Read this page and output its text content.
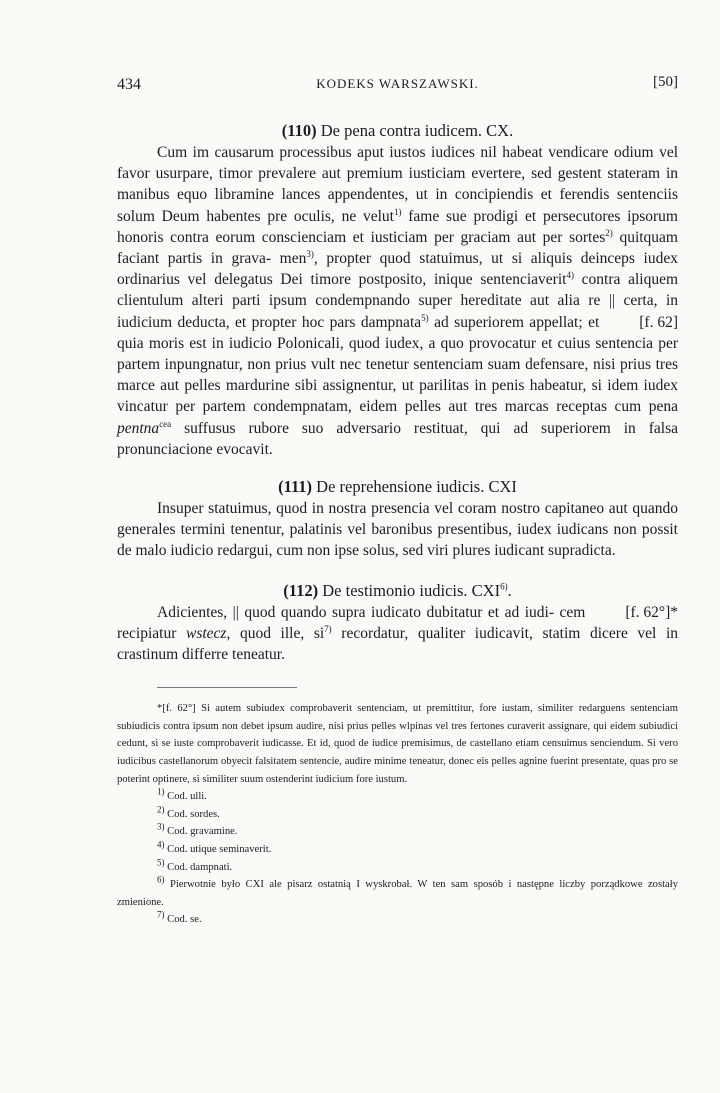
434	KODEKS WARSZAWSKI.	[50]
(110) De pena contra iudicem. CX.

Cum im causarum processibus aput iustos iudices nil habeat vendicare odium vel favor usurpare, timor prevalere aut premium iusticiam evertere, sed gestent stateram in manibus equo libramine lances appendentes, ut in concipiendis et ferendis sentenciis solum Deum habentes pre oculis, ne velut$^{1)}$ fame sue prodigi et persecutores ipsorum honoris contra eorum conscienciam et iusticiam per graciam aut per sortes$^{2)}$ quitquam faciant partis in grava- men$^{3)}$, propter quod statuimus, ut si aliquis deinceps iudex ordinarius vel delegatus Dei timore postposito, inique sentenciaverit$^{4)}$ contra aliquem clientulum alteri parti ipsum condempnando super hereditate aut alia re || certa, in iudicium deducta, et propter hoc pars dampnata$^{5)}$ ad	[f. 62]
superiorem appellat; et quia moris est in iudicio Polonicali, quod iudex, a quo provocatur et cuius sentencia per partem inpungnatur, non prius vult nec tenetur sentenciam suam defensare, nisi prius tres marce aut pelles mardurine sibi assignentur, ut parilitas in penis habeatur, si idem iudex vincatur per partem condempnatam, eidem pelles aut tres marcas receptas cum pena pentna$^{cea}$ suffusus rubore suo adversario restituat, qui ad superiorem in falsa pronunciacione evocavit.

(111) De reprehensione iudicis. CXI

Insuper statuimus, quod in nostra presencia vel coram nostro capitaneo aut quando generales termini tenentur, palatinis vel baronibus presentibus, iudex iudicans non possit de malo iudicio redargui, cum non ipse solus, sed viri plures iudicant supradicta.

(112) De testimonio iudicis. CXI$^{6)}$.

Adicientes, || quod quando supra iudicato dubitatur et ad iudi-	[f. 62°]*
cem recipiatur wstecz, quod ille, $si^{7)}$ recordatur, qualiter iudicavit, statim dicere vel in crastinum differre teneatur.

*[f. 62°] Si autem subiudex comprobaverit sentenciam, ut premittitur, fore iustam, similiter redarguens sentenciam subiudicis contra ipsum non debet ipsum audire, nisi prius pelles wlpinas vel tres fertones curaverit assignare, qui eidem subiudici cedunt, si se iuste comprobaverit iudicasse. Et id, quod de iudice premisimus, de castellano etiam censuimus senciendum. Si vero iudicibus castellanorum obyecit falsitatem sentencie, audire minime teneatur, donec eis pelles agnine fuerint presentate, quas pro se poterint optinere, si similiter suum ostenderint iudicium fore iustum.

$^{1)}$ Cod. ulli.

$^{2)}$ Cod. sordes.

$^{3)}$ Cod. gravamine.

$^{4)}$ Cod. utique seminaverit.

$^{5)}$ Cod. dampnati.

$^{6)}$ Pierwotnie było CXI ale pisarz ostatnią I wyskrobał. W ten sam sposób i następne liczby porządkowe zostały zmienione.

$^{7)}$ Cod. se.
